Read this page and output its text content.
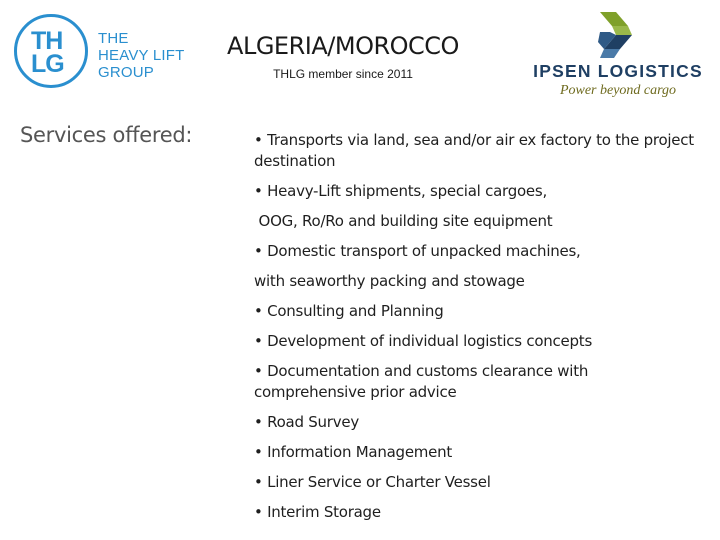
TH
LG
THE
HEAVY LIFT
GROUP
ALGERIA/MOROCCO
THLG member since 2011	IPSEN LOGISTICS
Power beyond cargo
Services offered:	• Transports via land, sea and/or air ex factory to the project destination
• Heavy-Lift shipments, special cargoes,
OOG, Ro/Ro and building site equipment
• Domestic transport of unpacked machines,
with seaworthy packing and stowage
• Consulting and Planning
• Development of individual logistics concepts
• Documentation and customs clearance with comprehensive prior advice
• Road Survey
• Information Management
• Liner Service or Charter Vessel
• Interim Storage
